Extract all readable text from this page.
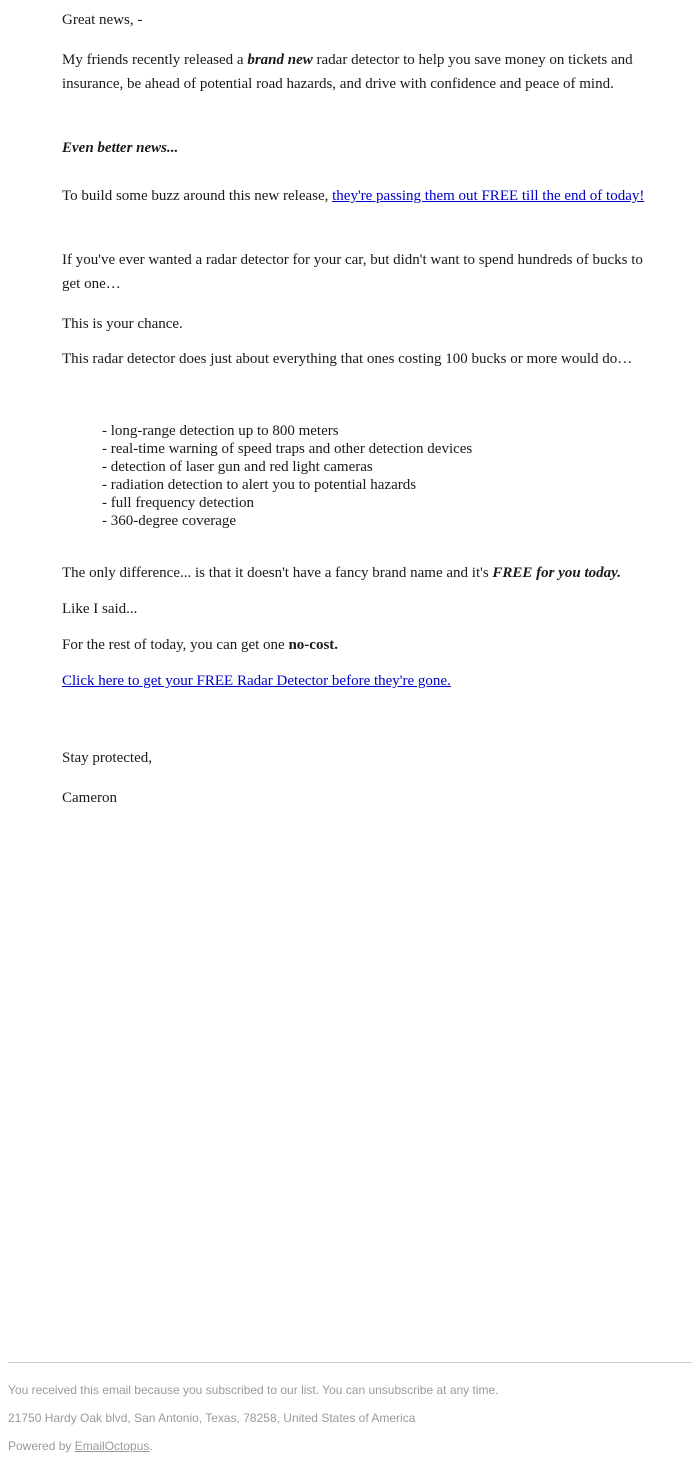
Great news, -

My friends recently released a brand new radar detector to help you save money on tickets and insurance, be ahead of potential road hazards, and drive with confidence and peace of mind.

Even better news...

To build some buzz around this new release, they're passing them out FREE till the end of today!

If you've ever wanted a radar detector for your car, but didn't want to spend hundreds of bucks to get one…

This is your chance.

This radar detector does just about everything that ones costing 100 bucks or more would do…

- long-range detection up to 800 meters
- real-time warning of speed traps and other detection devices
- detection of laser gun and red light cameras
- radiation detection to alert you to potential hazards
- full frequency detection
- 360-degree coverage

The only difference... is that it doesn't have a fancy brand name and it's FREE for you today.

Like I said...

For the rest of today, you can get one no-cost.

Click here to get your FREE Radar Detector before they're gone.

Stay protected,

Cameron

You received this email because you subscribed to our list. You can unsubscribe at any time.

21750 Hardy Oak blvd, San Antonio, Texas, 78258, United States of America

Powered by EmailOctopus.
